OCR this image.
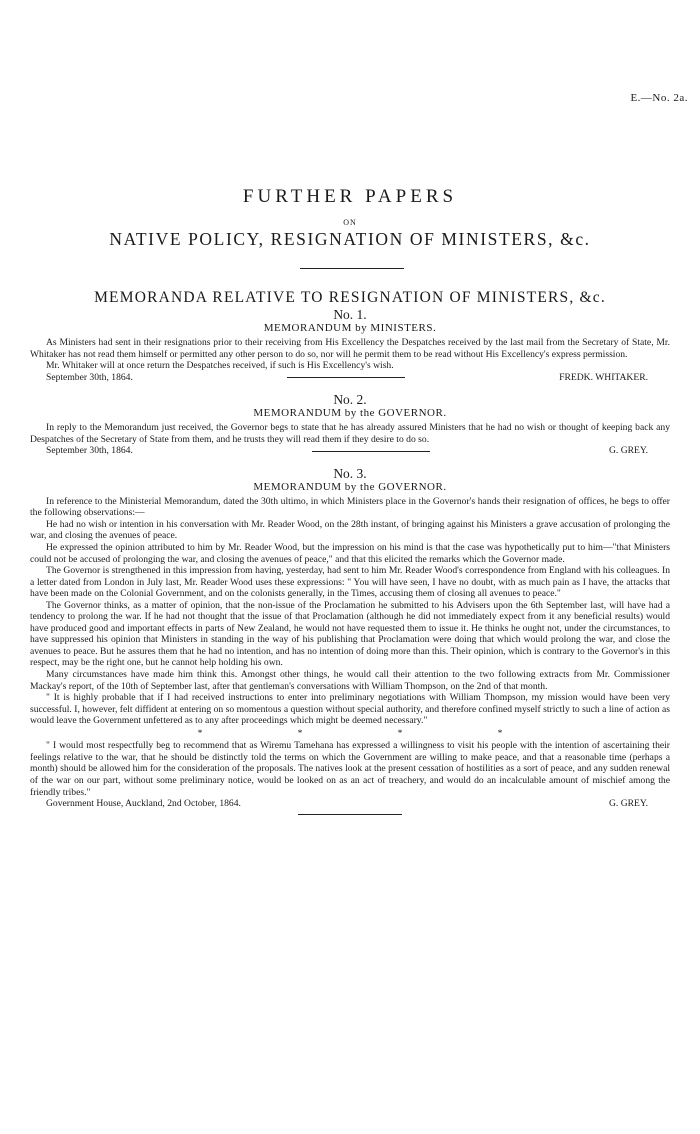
E.—No. 2a.
FURTHER PAPERS
ON
NATIVE POLICY, RESIGNATION OF MINISTERS, &c.
MEMORANDA RELATIVE TO RESIGNATION OF MINISTERS, &c.
No. 1.
MEMORANDUM by MINISTERS.

As Ministers had sent in their resignations prior to their receiving from His Excellency the Despatches received by the last mail from the Secretary of State, Mr. Whitaker has not read them himself or permitted any other person to do so, nor will he permit them to be read without His Excellency's express permission.

Mr. Whitaker will at once return the Despatches received, if such is His Excellency's wish.

September 30th, 1864.	FREDK. WHITAKER.
No. 2.
MEMORANDUM by the GOVERNOR.

In reply to the Memorandum just received, the Governor begs to state that he has already assured Ministers that he had no wish or thought of keeping back any Despatches of the Secretary of State from them, and he trusts they will read them if they desire to do so.

September 30th, 1864.	G. GREY.
No. 3.
MEMORANDUM by the GOVERNOR.

In reference to the Ministerial Memorandum, dated the 30th ultimo, in which Ministers place in the Governor's hands their resignation of offices, he begs to offer the following observations:—

He had no wish or intention in his conversation with Mr. Reader Wood, on the 28th instant, of bringing against his Ministers a grave accusation of prolonging the war, and closing the avenues of peace.

He expressed the opinion attributed to him by Mr. Reader Wood, but the impression on his mind is that the case was hypothetically put to him—"that Ministers could not be accused of prolonging the war, and closing the avenues of peace," and that this elicited the remarks which the Governor made.

The Governor is strengthened in this impression from having, yesterday, had sent to him Mr. Reader Wood's correspondence from England with his colleagues. In a letter dated from London in July last, Mr. Reader Wood uses these expressions: " You will have seen, I have no doubt, with as much pain as I have, the attacks that have been made on the Colonial Government, and on the colonists generally, in the Times, accusing them of closing all avenues to peace."

The Governor thinks, as a matter of opinion, that the non-issue of the Proclamation he submitted to his Advisers upon the 6th September last, will have had a tendency to prolong the war. If he had not thought that the issue of that Proclamation (although he did not immediately expect from it any beneficial results) would have produced good and important effects in parts of New Zealand, he would not have requested them to issue it. He thinks he ought not, under the circumstances, to have suppressed his opinion that Ministers in standing in the way of his publishing that Proclamation were doing that which would prolong the war, and close the avenues to peace. But he assures them that he had no intention, and has no intention of doing more than this. Their opinion, which is contrary to the Governor's in this respect, may be the right one, but he cannot help holding his own.

Many circumstances have made him think this. Amongst other things, he would call their attention to the two following extracts from Mr. Commissioner Mackay's report, of the 10th of September last, after that gentleman's conversations with William Thompson, on the 2nd of that month.

" It is highly probable that if I had received instructions to enter into preliminary negotiations with William Thompson, my mission would have been very successful. I, however, felt diffident at entering on so momentous a question without special authority, and therefore confined myself strictly to such a line of action as would leave the Government unfettered as to any after proceedings which might be deemed necessary."

*	*	*	*

" I would most respectfully beg to recommend that as Wiremu Tamehana has expressed a willingness to visit his people with the intention of ascertaining their feelings relative to the war, that he should be distinctly told the terms on which the Government are willing to make peace, and that a reasonable time (perhaps a month) should be allowed him for the consideration of the proposals. The natives look at the present cessation of hostilities as a sort of peace, and any sudden renewal of the war on our part, without some preliminary notice, would be looked on as an act of treachery, and would do an incalculable amount of mischief among the friendly tribes."

Government House, Auckland, 2nd October, 1864.	G. GREY.
